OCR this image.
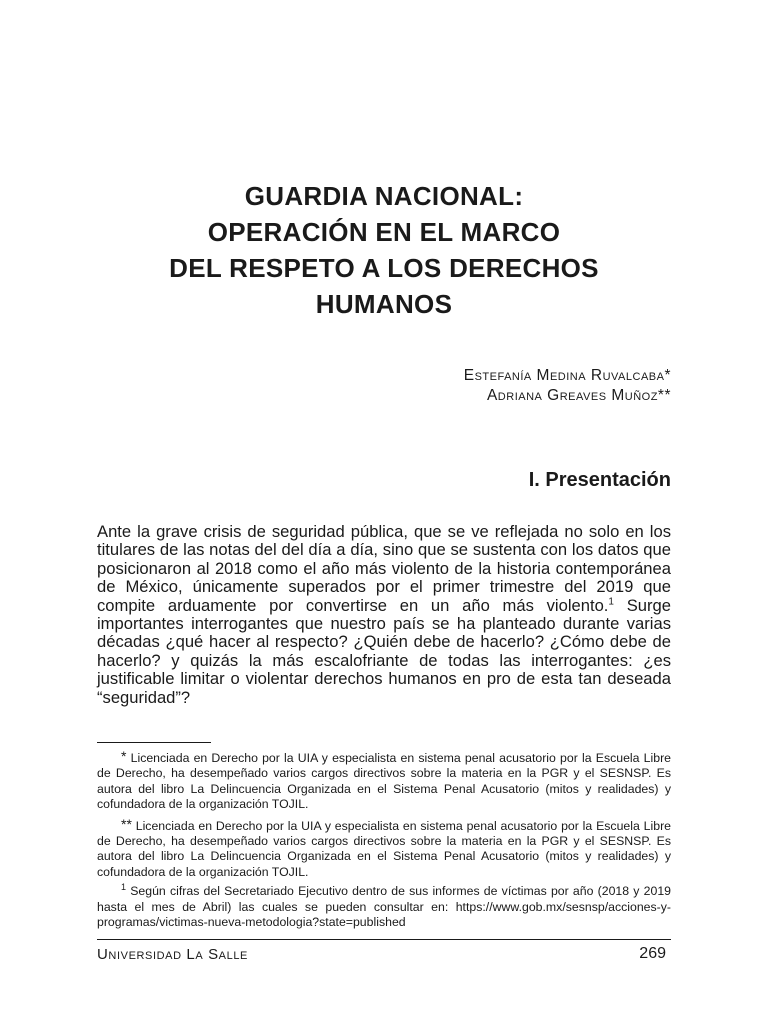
GUARDIA NACIONAL:
OPERACIÓN EN EL MARCO
DEL RESPETO A LOS DERECHOS
HUMANOS
Estefanía Medina Ruvalcaba*
Adriana Greaves Muñoz**
I. Presentación

Ante la grave crisis de seguridad pública, que se ve reflejada no solo en los titulares de las notas del del día a día, sino que se sustenta con los datos que posicionaron al 2018 como el año más violento de la historia contemporánea de México, únicamente superados por el primer trimestre del 2019 que compite arduamente por convertirse en un año más violento.$^1$ Surge importantes interrogantes que nuestro país se ha planteado durante varias décadas ¿qué hacer al respecto? ¿Quién debe de hacerlo? ¿Cómo debe de hacerlo? y quizás la más escalofriante de todas las interrogantes: ¿es justificable limitar o violentar derechos humanos en pro de esta tan deseada “seguridad”?

* Licenciada en Derecho por la UIA y especialista en sistema penal acusatorio por la Escuela Libre de Derecho, ha desempeñado varios cargos directivos sobre la materia en la PGR y el SESNSP. Es autora del libro La Delincuencia Organizada en el Sistema Penal Acusatorio (mitos y realidades) y cofundadora de la organización TOJIL.

** Licenciada en Derecho por la UIA y especialista en sistema penal acusatorio por la Escuela Libre de Derecho, ha desempeñado varios cargos directivos sobre la materia en la PGR y el SESNSP. Es autora del libro La Delincuencia Organizada en el Sistema Penal Acusatorio (mitos y realidades) y cofundadora de la organización TOJIL.

$^1$ Según cifras del Secretariado Ejecutivo dentro de sus informes de víctimas por año (2018 y 2019 hasta el mes de Abril) las cuales se pueden consultar en: https://www.gob.mx/sesnsp/acciones-y-programas/victimas-nueva-metodologia?state=published

Universidad La Salle	269
